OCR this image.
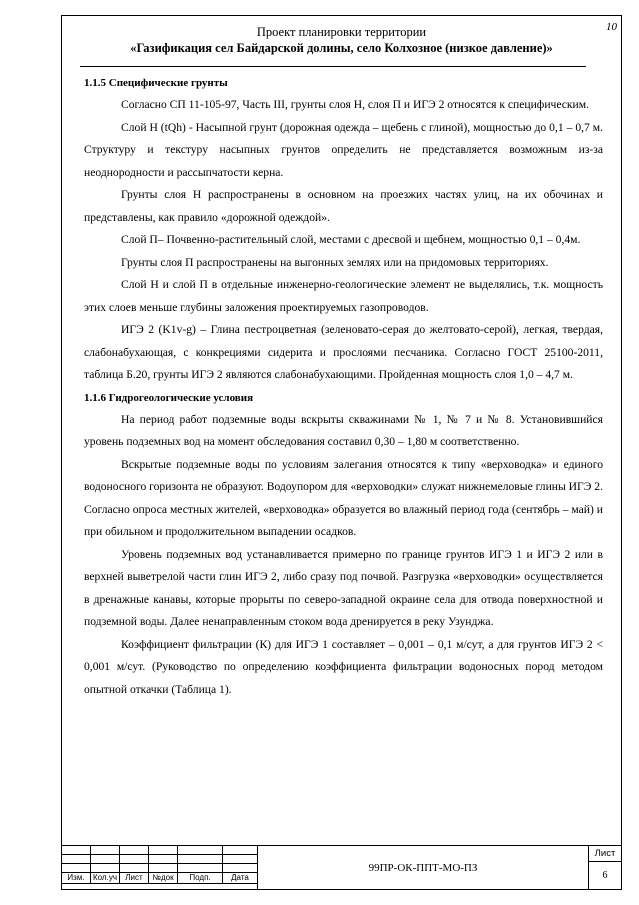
10
Проект планировки территории
«Газификация сел Байдарской долины, село Колхозное (низкое давление)»

1.1.5 Специфические грунты

Согласно СП 11-105-97, Часть III, грунты слоя Н, слоя П и ИГЭ 2 относятся к специфическим.

Слой Н (tQh) - Насыпной грунт (дорожная одежда – щебень с глиной), мощностью до 0,1 – 0,7 м. Структуру и текстуру насыпных грунтов определить не представляется возможным из-за неоднородности и рассыпчатости керна.

Грунты слоя Н распространены в основном на проезжих частях улиц, на их обочинах и представлены, как правило «дорожной одеждой».

Слой П– Почвенно-растительный слой, местами с дресвой и щебнем, мощностью 0,1 – 0,4м.

Грунты слоя П распространены на выгонных землях или на придомовых территориях.

Слой Н и слой П в отдельные инженерно-геологические элемент не выделялись, т.к. мощность этих слоев меньше глубины заложения проектируемых газопроводов.

ИГЭ 2 (K1v-g) – Глина пестроцветная (зеленовато-серая до желтовато-серой), легкая, твердая, слабонабухающая, с конкрециями сидерита и прослоями песчаника. Согласно ГОСТ 25100-2011, таблица Б.20, грунты ИГЭ 2 являются слабонабухающими. Пройденная мощность слоя 1,0 – 4,7 м.

1.1.6 Гидрогеологические условия

На период работ подземные воды вскрыты скважинами № 1, № 7 и № 8. Установившийся уровень подземных вод на момент обследования составил 0,30 – 1,80 м соответственно.

Вскрытые подземные воды по условиям залегания относятся к типу «верховодка» и единого водоносного горизонта не образуют. Водоупором для «верховодки» служат нижнемеловые глины ИГЭ 2. Согласно опроса местных жителей, «верховодка» образуется во влажный период года (сентябрь – май) и при обильном и продолжительном выпадении осадков.

Уровень подземных вод устанавливается примерно по границе грунтов ИГЭ 1 и ИГЭ 2 или в верхней выветрелой части глин ИГЭ 2, либо сразу под почвой. Разгрузка «верховодки» осуществляется в дренажные канавы, которые прорыты по северо-западной окраине села для отвода поверхностной и подземной воды. Далее ненаправленным стоком вода дренируется в реку Узунджа.

Коэффициент фильтрации (К) для ИГЭ 1 составляет – 0,001 – 0,1 м/сут, а для грунтов ИГЭ 2 < 0,001 м/сут. (Руководство по определению коэффициента фильтрации водоносных пород методом опытной откачки (Таблица 1).

Изм.	Кол.уч	Лист	№док	Подп.	Дата
99ПР-ОК-ППТ-МО-ПЗ
Лист
6
